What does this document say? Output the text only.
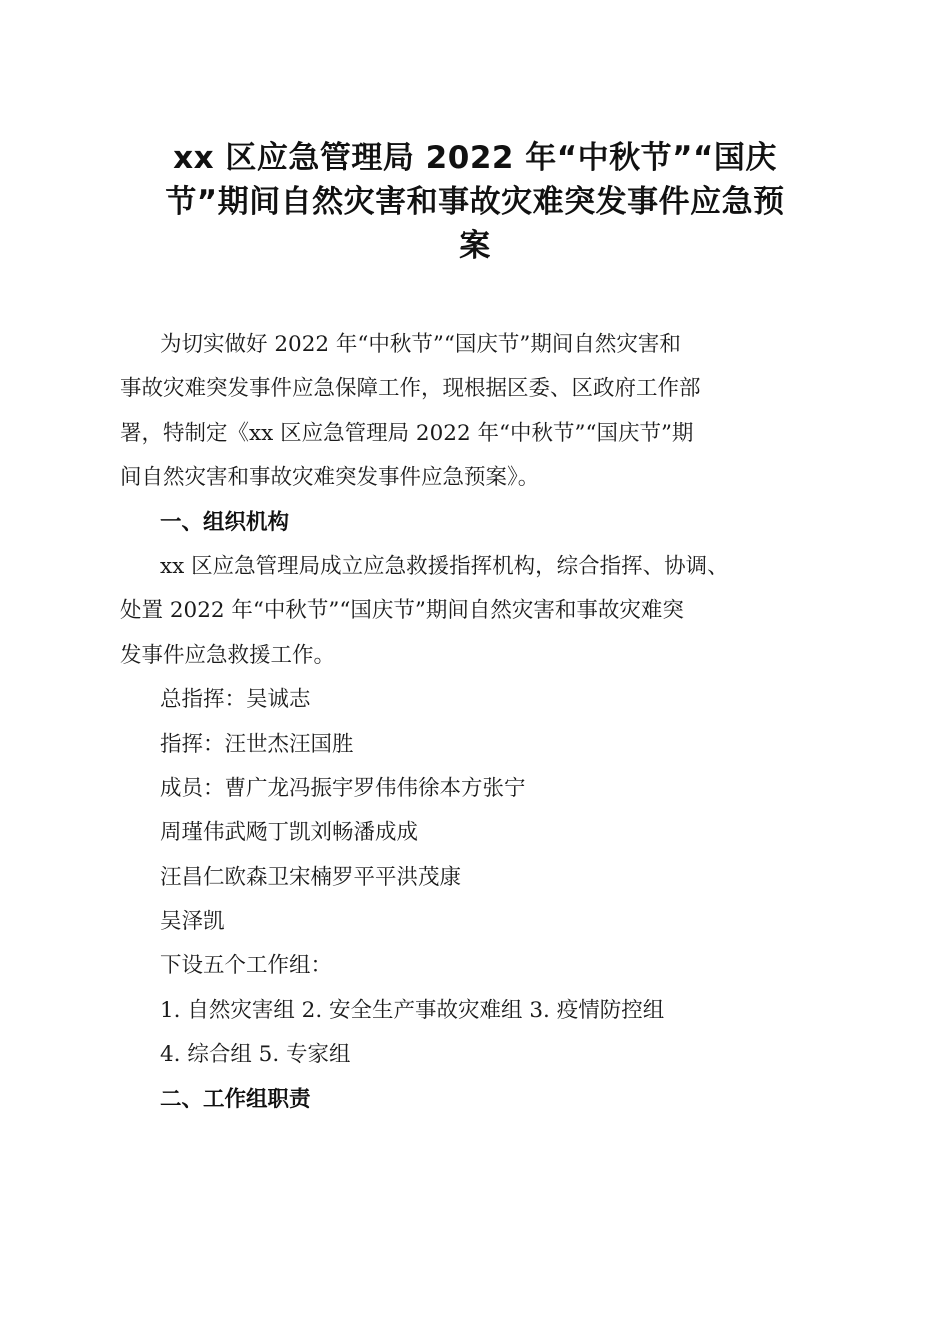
xx 区应急管理局 2022 年“中秋节”“国庆
节”期间自然灾害和事故灾难突发事件应急预
案
为切实做好 2022 年“中秋节”“国庆节”期间自然灾害和
事故灾难突发事件应急保障工作，现根据区委、区政府工作部
署，特制定《xx 区应急管理局 2022 年“中秋节”“国庆节”期
间自然灾害和事故灾难突发事件应急预案》。
一、组织机构
xx 区应急管理局成立应急救援指挥机构，综合指挥、协调、
处置 2022 年“中秋节”“国庆节”期间自然灾害和事故灾难突
发事件应急救援工作。
总指挥：吴诚志
指挥：汪世杰汪国胜
成员：曹广龙冯振宇罗伟伟徐本方张宁
周瑾伟武飏丁凯刘畅潘成成
汪昌仁欧森卫宋楠罗平平洪茂康
吴泽凯
下设五个工作组：
1. 自然灾害组 2. 安全生产事故灾难组 3. 疫情防控组
4. 综合组 5. 专家组
二、工作组职责
